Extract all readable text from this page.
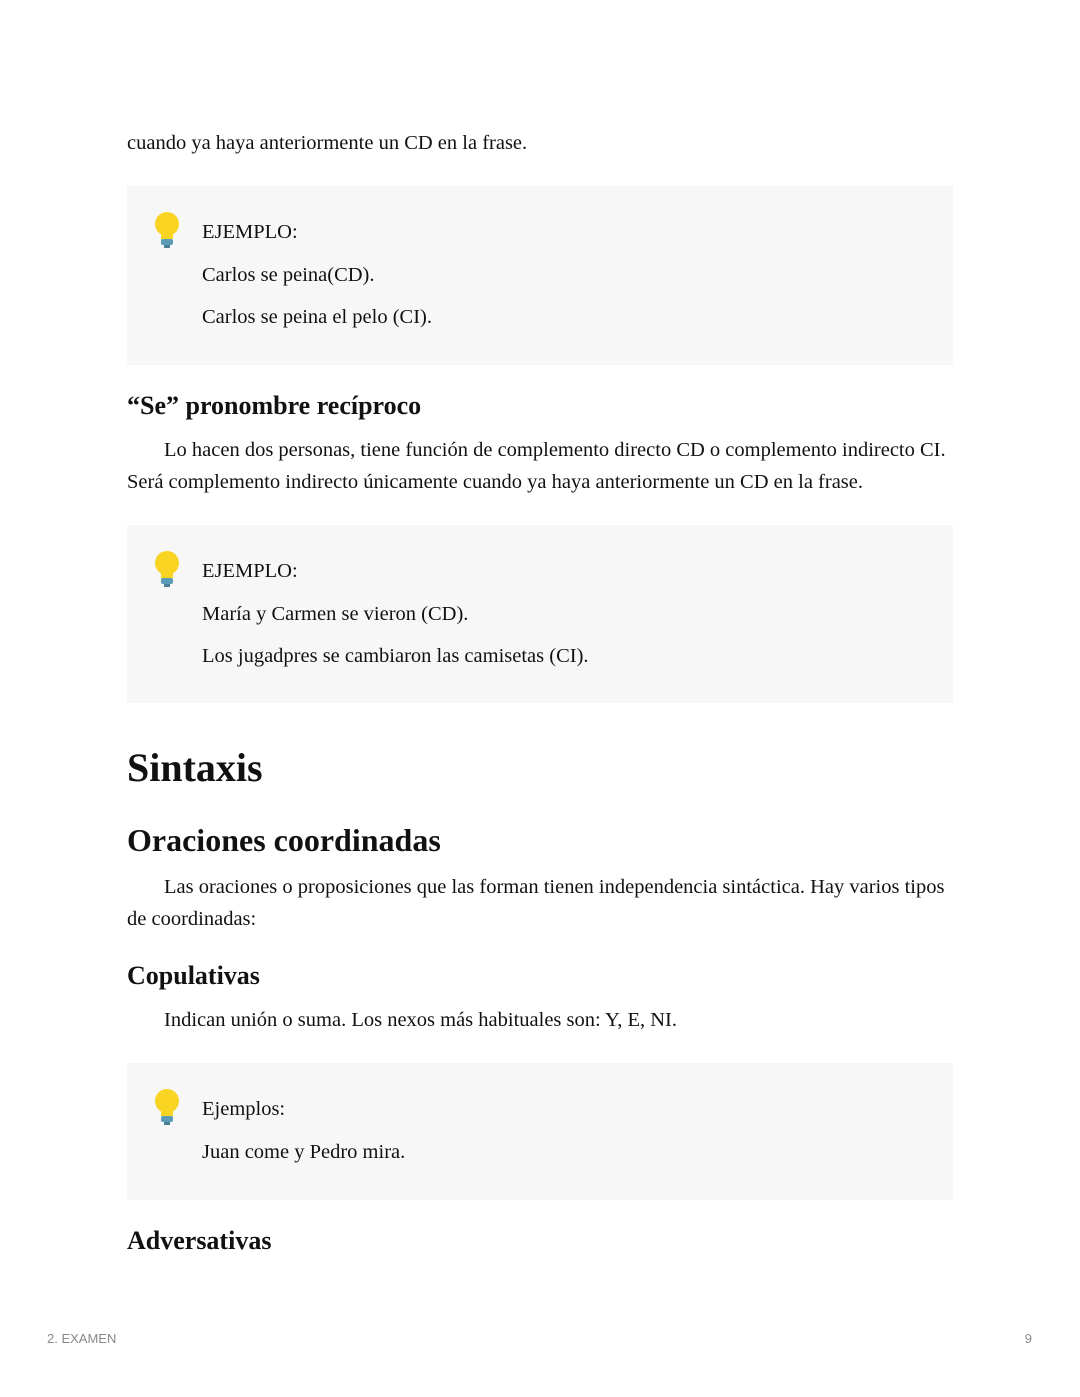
cuando ya haya anteriormente un CD en la frase.
EJEMPLO:
Carlos se peina(CD).
Carlos se peina el pelo (CI).
“Se” pronombre recíproco
Lo hacen dos personas, tiene función de complemento directo CD o complemento indirecto CI. Será complemento indirecto únicamente cuando ya haya anteriormente un CD en la frase.
EJEMPLO:
María y Carmen se vieron (CD).
Los jugadpres se cambiaron las camisetas (CI).
Sintaxis
Oraciones coordinadas
Las oraciones o proposiciones que las forman tienen independencia sintáctica. Hay varios tipos de coordinadas:
Copulativas
Indican unión o suma. Los nexos más habituales son: Y, E, NI.
Ejemplos:
Juan come y Pedro mira.
Adversativas
2. EXAMEN	9
